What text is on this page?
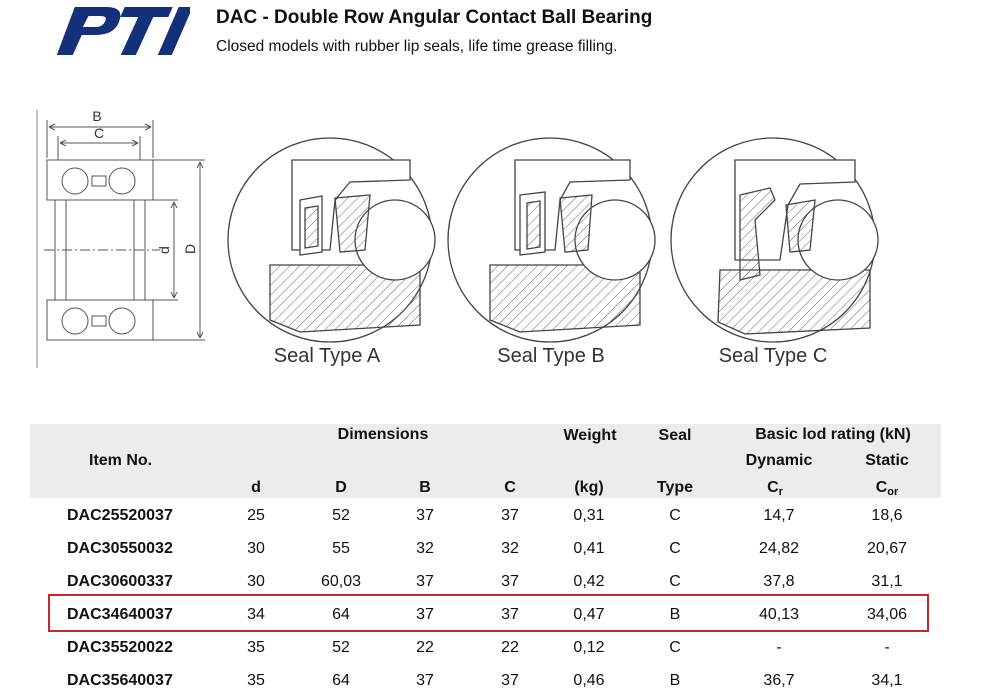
DAC - Double Row Angular Contact Ball Bearing
Closed models with rubber lip seals, life time grease filling.
B
C
d D
Seal Type A	Seal Type B	Seal Type C
Item No.
Dimensions
d	D	B	C
Weight
(kg)
Seal
Type
Basic lod rating (kN)
Dynamic	Static
$C_r$	$C_{or}$
DAC25520037	25	52	37	37	0,31	C	14,7	18,6
DAC30550032	30	55	32	32	0,41	C	24,82	20,67
DAC30600337	30	60,03	37	37	0,42	C	37,8	31,1
DAC34640037	34	64	37	37	0,47	B	40,13	34,06
DAC35520022	35	52	22	22	0,12	C	-	-
DAC35640037	35	64	37	37	0,46	B	36,7	34,1
